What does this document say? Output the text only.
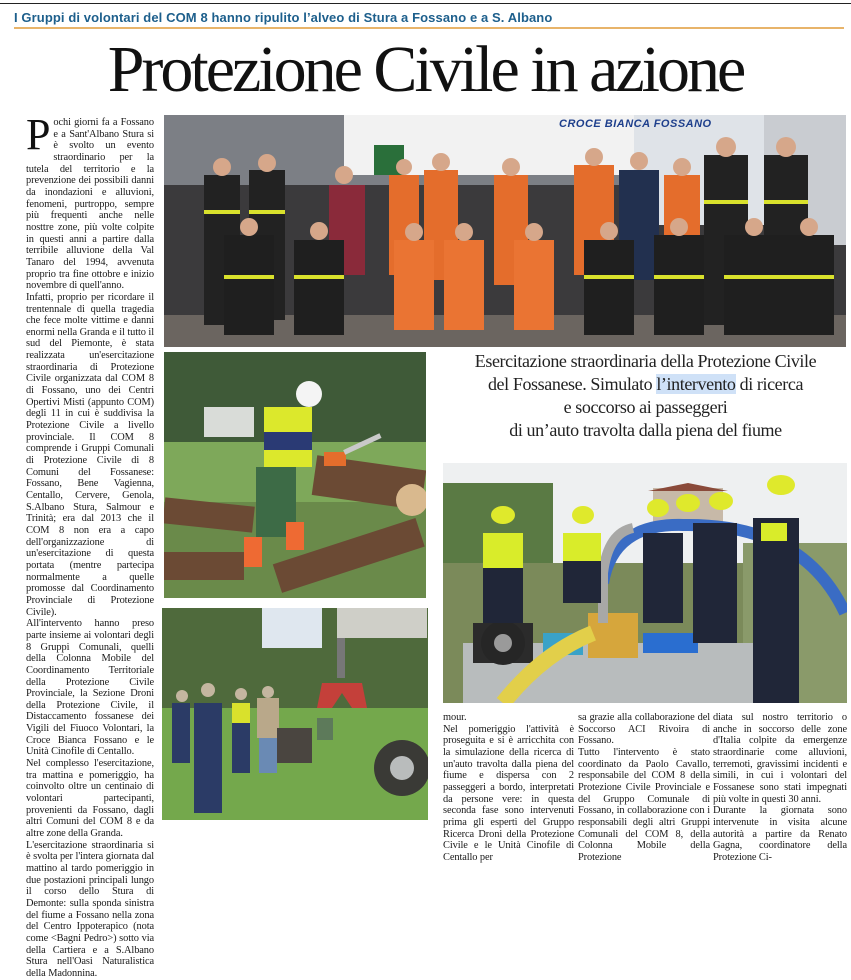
I Gruppi di volontari del COM 8 hanno ripulito l’alveo di Stura a Fossano e a S. Albano
Protezione Civile in azione

Pochi giorni fa a Fossano e a Sant'Albano Stura si è svolto un evento straordinario per la tutela del territorio e la prevenzione dei possibili danni da inondazioni e alluvioni, fenomeni, purtroppo, sempre più frequenti anche nelle nosttre zone, più volte colpite in questi anni a partire dalla terribile alluvione della Val Tanaro del 1994, avvenuta proprio tra fine ottobre e inizio novembre di quell'anno.

Infatti, proprio per ricordare il trentennale di quella tragedia che fece molte vittime e danni enormi nella Granda e il tutto il sud del Piemonte, è stata realizzata un'esercitazione straordinaria di Protezione Civile organizzata dal COM 8 di Fossano, uno dei Centri Opertivi Misti (appunto COM) degli 11 in cui è suddivisa la Protezione Civile a livello provinciale. Il COM 8 comprende i Gruppi Comunali di Protezione Civile di 8 Comuni del Fossanese: Fossano, Bene Vagienna, Centallo, Cervere, Genola, S.Albano Stura, Salmour e Trinità; era dal 2013 che il COM 8 non era a capo dell'organizzazione di un'esercitazione di questa portata (mentre partecipa normalmente a quelle promosse dal Coordinamento Provinciale di Protezione Civile).

All'intervento hanno preso parte insieme ai volontari degli 8 Gruppi Comunali, quelli della Colonna Mobile del Coordinamento Territoriale della Protezione Civile Provinciale, la Sezione Droni della Protezione Civile, il Distaccamento fossanese dei Vigili del Fiuoco Volontari, la Croce Bianca Fossano e le Unità Cinofile di Centallo.

Nel complesso l'esercitazione, tra mattina e pomeriggio, ha coinvolto oltre un centinaio di volontari partecipanti, provenienti da Fossano, dagli altri Comuni del COM 8 e da altre zone della Granda.

L'esercitazione straordinaria si è svolta per l'intera giornata dal mattino al tardo pomeriggio in due postazioni principali lungo il corso dello Stura di Demonte: sulla sponda sinistra del fiume a Fossano nella zona del Centro Ippoterapico (nota come <Bagni Pedro>) sotto via della Cartiera e a S.Albano Stura nell'Oasi Naturalistica della Madonnina.

CROCE BIANCA FOSSANO
Esercitazione straordinaria della Protezione Civile
del Fossanese. Simulato l’intervento di ricerca
e soccorso ai passeggeri
di un’auto travolta dalla piena del fiume

mour.

Nel pomeriggio l'attività è proseguita e si è arricchita con la simulazione della ricerca di un'auto travolta dalla piena del fiume e dispersa con 2 passeggeri a bordo, interpretati da persone vere: in questa seconda fase sono intervenuti prima gli esperti del Gruppo Ricerca Droni della Protezione Civile e le Unità Cinofile di Centallo per

sa grazie alla collaborazione del Soccorso ACI Rivoira di Fossano.

Tutto l'intervento è stato coordinato da Paolo Cavallo, responsabile del COM 8 della Protezione Civile Provinciale e del Gruppo Comunale di Fossano, in collaborazione con i responsabili degli altri Gruppi Comunali del COM 8, della Colonna Mobile della Protezione

diata sul nostro territorio o anche in soccorso delle zone d'Italia colpite da emergenze straordinarie come alluvioni, terremoti, gravissimi incidenti e simili, in cui i volontari del Fossanese sono stati impegnati più volte in questi 30 anni.

Durante la giornata sono intervenute in visita alcune autorità a partire da Renato Gagna, coordinatore della Protezione Ci-
